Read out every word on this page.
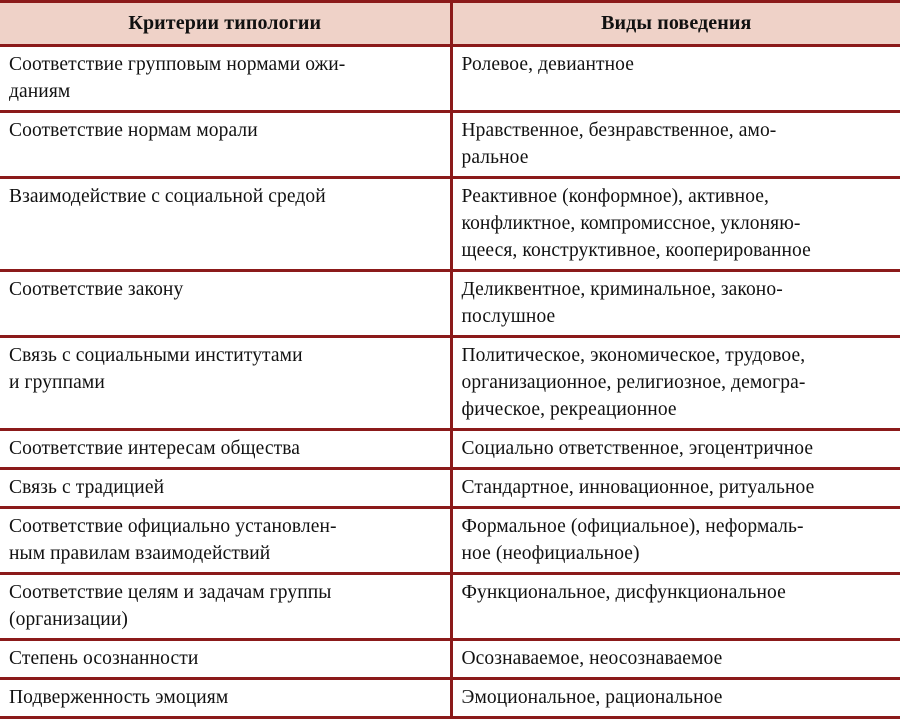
Критерии типологии	Виды поведения

Соответствие групповым нормами ожи-
даниям	Ролевое, девиантное

Соответствие нормам морали	Нравственное, безнравственное, амо-
ральное

Взаимодействие с социальной средой	Реактивное (конформное), активное,
конфликтное, компромиссное, уклоняю-
щееся, конструктивное, кооперированное

Соответствие закону	Деликвентное, криминальное, законо-
послушное

Связь с социальными институтами
и группами	Политическое, экономическое, трудовое,
организационное, религиозное, демогра-
фическое, рекреационное

Соответствие интересам общества	Социально ответственное, эгоцентричное

Связь с традицией	Стандартное, инновационное, ритуальное

Соответствие официально установлен-
ным правилам взаимодействий	Формальное (официальное), неформаль-
ное (неофициальное)

Соответствие целям и задачам группы
(организации)	Функциональное, дисфункциональное

Степень осознанности	Осознаваемое, неосознаваемое

Подверженность эмоциям	Эмоциональное, рациональное
